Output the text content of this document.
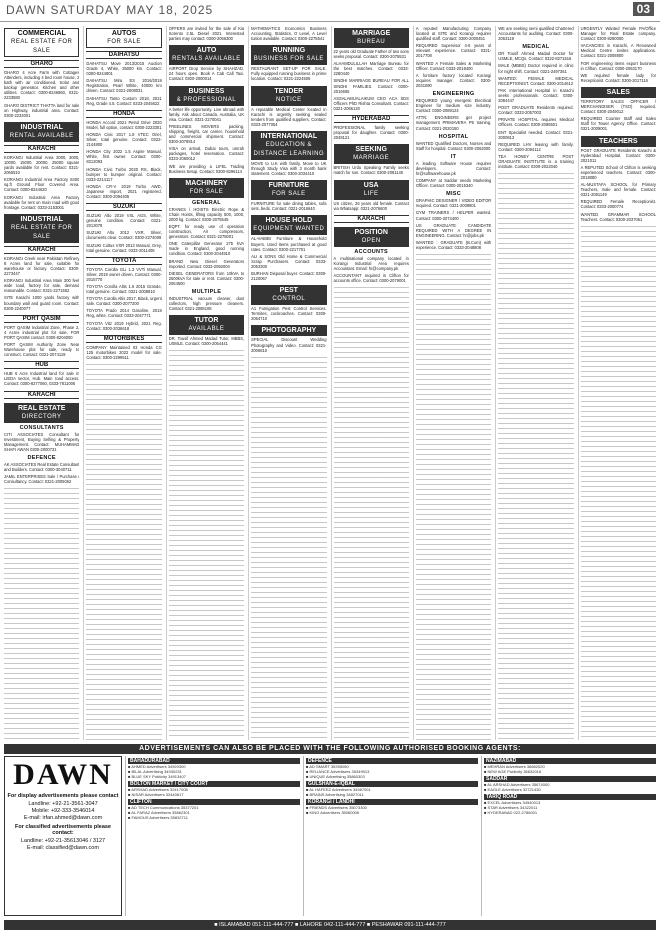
DAWN SATURDAY MAY 18, 2025	03
COMMERCIAL
REAL ESTATE FOR SALE
GHARO
GHARO 4 Acre Farm with Cottages Attenders, including 4 bed room house, 2 bath with air conditioned. Solar and backup generator. Kitchen and other utilities. Contact: 0300-8246860, 0321-2233580
GHARO DISTRICT THATTA land for sale on Highway, industrial area. Contact: 0300-2233001
INDUSTRIAL
RENTAL AVAILABLE
KARACHI
KORANGI Industrial Area 2000, 3000, 10000, 15000, 20000, 25000 square yards available for rent. Contact: 0321-2065510
KORANGI Industrial Area Factory 8400 sq.ft Ground Floor Covered Area. Contact: 0300-8244620
KORANGI Industrial Area Factory available for rent on main road with good frontage. Contact: 0333-2153001
INDUSTRIAL
REAL ESTATE FOR SALE
KARACHI
KORANGI Creek near Pakistan Refinery 8 Acres land for sale, suitable for warehouse or factory. Contact: 0300-2273447
KORANGI Industrial Area Main 300 feet wide road, factory for sale, demand reasonable. Contact: 0321-2271552
SITE Karachi 1000 yards factory with boundary wall and guard room. Contact: 0300-2240077
PORT QASIM
PORT QASIM Industrial Zone, Phase 2, 4 Acres industrial plot for sale. FOR PORT QASIM contact: 0300-8204000
PORT QASIM Authority Zone Near Warehouse plot for sale, ready to construct. Contact: 0321-2074119
HUB
HUB 6 Acre Industrial land for sale in LIEDA sector, Hub. Main road access. Contact: 0300-8277060, 0333-7811006
KARACHI
REAL ESTATE
DIRECTORY
CONSULTANTS
CITI ASSOCIATES Consultant for Investment, Buying Selling & Property Management. Contact: MUHAMMAD SHAFI AWAN 0300-2000731
DEFENCE
AK ASSOCIATES Real Estate Consultant and Builders. Contact: 0300-3040711
JAMIL ENTERPRISES Sale / Purchase / Consultancy. Contact: 0321-2005062
AUTOS
FOR SALE
DAIHATSU
DAIHATSU Move 2013/2015 Auction Grade 4, White, 35000 km. Contact: 0300-8244901
DAIHATSU Mira ES 2016/2019 Registration, Pearl White, 40000 km driven. Contact: 0321-2008031
DAIHATSU Tanto Custom 2018, 2021 Reg, Grade 4.5. Contact: 0333-2045622
HONDA
HONDA Accord 2021 Petrol Drive 2020 Model, full option, contact: 0300-2223301
HONDA Civic 2017 1.8 VTEC Oriel, Silver, total genuine. Contact: 0322-2144800
HONDA City 2022 1.5 Aspire Manual, White, first owner. Contact: 0300-8212093
HONDA Civic Turbo 2020 RS, Black, bumper to bumper original. Contact: 0333-2214117
HONDA CR-V 2019 Turbo AWD, Japanese import, 2021 registered. Contact: 0300-2094405
SUZUKI
SUZUKI Alto 2019 VXL AGS, White, genuine condition. Contact: 0321-2013078
SUZUKI Alto 2012 VXR, Silver, documents clear. Contact: 0300-2274008
SUZUKI Cultus VXR 2013 Manual, Grey, total genuine. Contact: 0333-2011405
TOYOTA
TOYOTA Corolla GLi 1.3 VVTi Manual, Silver, 2019 owner driven. Contact: 0300-2015770
TOYOTA Corolla Altis 1.6 2015 Grande, total genuine. Contact: 0321-2008810
TOYOTA Corolla Altis 2017, Black, urgent sale. Contact: 0300-2077200
TOYOTA Prado 2014 Gasoline, 2018 Reg, white. Contact: 0333-2047771
TOYOTA Vitz 2019 Hybrid, 2021 Reg. Contact: 0300-2036618
MOTORBIKES
COMPANY Maintained 03 Honda CG 125 motorbikes 2022 model for sale. Contact: 0300-2299511
OFFERS are invited for the sale of Kia Sorento 2.5L Diesel 2021. Interested parties may contact: 0300-2066300
AUTO
RENTALS AVAILABLE
AIRPORT Drop Service by SHAHZAD. 24 hours open. Book A Cab Call Taxi. Contact: 0300-2000014
BUSINESS
& PROFESSIONAL
A better life opportunity. Live abroad with family. Ask about Canada, Australia, UK visa. Contact: 0321-2270041
FREELINES MOVERS packing, shipping, freight, car carrier, household and commercial shipment. Contact: 0300-2078814
VISA on arrival, Dubai tours, umrah packages, hotel reservation. Contact: 0333-2060012
WE are providing a LIFEL Trading Business Setup. Contact: 0300-8296114
MACHINERY
FOR SALE
GENERAL
CRANES / HOISTS Electric Rope & Chain Hoists, lifting capacity 500, 1000, 2000 kg. Contact: 0300-2075545
EQPT. for ready use of operation construction, Air compressors, generators. Contact: 0321-2278001
ONE Caterpillar Generator 275 kVA made in England, good running condition. Contact: 0300-2044910
BRAND New Diesel Generators imported. Contact: 0333-2092004
DIESEL GENERATORS from 10kVA to 2500kVA for sale or rent. Contact: 0300-2064500
MULTIPLE
INDUSTRIAL vacuum cleaner, dust collectors, high pressure cleaners. Contact: 0321-2088108
TUTOR
AVAILABLE
DR. Tousif Ahmed Madad Tutor, MBBS, USMLE. Contact: 0300-2054441
MATHEMATICS Economics Business Accounting, Statistics, O Level, A Level tuition available. Contact: 0300-2275541
RUNNING
BUSINESS FOR SALE
RESTAURANT SET-UP FOR SALE. Fully equipped running business in prime location. Contact: 0321-2224506
TENDER
NOTICE
A reputable Medical Center located in Karachi is urgently seeking sealed tenders from qualified suppliers. Contact: 0333-2077054
INTERNATIONAL
EDUCATION & DISTANCE LEARNING
MOVE to U.K with family. Move to UK through Study Visa with 3 month bank statement. Contact: 0300-2034410
FURNITURE
FOR SALE
FURNITURE for sale dining tables, sofa sets, beds. Contact: 0321-2016640
HOUSE HOLD
EQUIPMENT WANTED
AL-HABIBI Furniture & Household Buyers. Used items purchased at good rates. Contact: 0300-2217701
ALI & SONS Old Home & Commercial Scrap Purchasers. Contact: 0333-2053300
BURHAN Disposal buyer. Contact: 0300-2120067
PEST
CONTROL
A1 Fumigation Pest Control Services. Termites, cockroaches. Contact: 0300-2064710
PHOTOGRAPHY
SPECIAL Discount Wedding Photography and Video. Contact: 0321-2006810
MARRIAGE
BUREAU
22 years old Graduate Father of two sons seeks proposal. Contact: 0300-2075531
ALHAMDULILLAH Marriage Bureau for the best matches. Contact: 0333-2280440
SINDHI MARRIAGE BUREAU FOR ALL SINDHI FAMILIES. Contact: 0300-2016605
ASSALAMUALAIKUM CEO ACA SDS Officers PhD Rishta Consultant. Contact: 0321-2066120
HYDERABAD
PROFESSIONAL family seeking proposal for daughter. Contact: 0300-2048121
SEEKING
MARRIAGE
BRITISH Urdu Speaking Family seeks match for son. Contact: 0300-2081140
USA
LIFE
US citizen, 26 years old female. Contact via Whatsapp: 0321-2076600
KARACHI
POSITION
OPEN
ACCOUNTS
A multinational company located in Korangi Industrial Area requires Accountant. Email: hr@company.pk
ACCOUNTANT required in Clifton for accounts office. Contact: 0300-2079001
A reputed Manufacturing Company located at SITE and Korangi requires qualified staff. Contact: 0300-2000451
REQUIRED Supervisor 4-5 years of relevant experience. Contact: 0321-2017708
WANTED A Female Sales & Marketing Officer. Contact: 0333-2018400
A furniture factory located Korangi requires manager. Contact: 0300-2031090
ENGINEERING
REQUIRED young energetic Electrical Engineer for medium size industry. Contact: 0300-2089124
ATTN: ENGINEERS get project management PRIMAVERA P6 training. Contact: 0321-2020150
HOSPITAL
WANTED Qualified Doctors, Nurses and Staff for hospital. Contact: 0300-2062000
IT
A leading Software House requires developers. Contact: hr@softwarehouse.pk
COMPANY at Saddar needs Marketing Officer. Contact: 0300-2015340
MISC
GRAPHIC DESIGNER / VIDEO EDITOR required. Contact: 0321-2009801
GYM TRAINERS / HELPER wanted. Contact: 0300-2074400
US GRADUATE CANDIDATE REQUIRED WITH A DEGREE IN ENGINEERING. Contact: hr@jobs.pk
WANTED : GRADUATE (B.Com) with experience. Contact: 0333-2048808
WE are seeking semi qualified Chartered Accountants for auditing. Contact: 0300-2063119
MEDICAL
DR Tousif Ahmed Madad Doctor for USMLE, MCQs. Contact: 0322-8271516
MALE (MBBS) Doctor required in clinic for night shift. Contact: 0321-2497361
WANTED: FEMALE MEDICAL RECEPTIONIST. Contact: 0300-2014612
PAK International Hospital in Karachi seeks professionals. Contact: 0300-2084447
POST GRADUATE Residents required. Contact: 0333-2057003
PRIVATE HOSPITAL requires Medical Officers. Contact: 0300-2086501
ENT Specialist needed. Contact: 0321-2000813
REQUIRED LHV leaving with family. Contact: 0300-2094112
TEA HONEY CENTRE POST GRADUATE INSTITUTE is a training institute. Contact: 0300-2022040
URGENTLY Wanted Female PA/Office Manager for Real Estate company. Contact: 0300-8290000
VACANCIES in Karachi, A Renowned Medical Centre invites applications. Contact: 0321-2008800
FOR engineering items export business in Clifton. Contact: 0300-2063170
WE required female lady for Receptionist. Contact: 0300-2017116
SALES
TERRITORY SALES OFFICER / MERCHANDISER (TSO) required. Contact: 0300-2049012
REQUIRED Counter Staff and Sales Staff for Tower Agency Office. Contact: 0321-2009001
TEACHERS
POST GRADUATE Residents Karachi & Hyderabad Hospital. Contact: 0300-2021011
A REPUTED School of Clifton is seeking experienced teachers. Contact: 0300-2018080
AL-MUSTAFA SCHOOL for Primary Teachers, male and female. Contact: 0321-2081149
REQUIRED Female Receptionist. Contact: 0333-2000774
WANTED GRAMMAR SCHOOL Teachers. Contact: 0300-2037061
ADVERTISEMENTS CAN ALSO BE PLACED WITH THE FOLLOWING AUTHORISED BOOKING AGENTS:
DAWN
For display advertisements please contact
Landline: +92-21-3561-3047
Mobile: +92-333-3546014
E-mail: irfan.ahmed@dawn.com
For classified advertisements please contact:
Landline: +92-21-35613046 / 3127
E-mail: classified@dawn.com
BAHADURABAD
■ AHMED Advertisers 34920300
■ BILAL Advertising 34930231
■ BLUE SKY Publicity 34913407
BOLTON MARKET / CITY COURT
■ ARSHAD Advertisers 32417008
■ NISAR Advertisers 32440617
CLIFTON
■ AD TECH Communications 35377201
■ AL FARAZ Advertisers 35862301
■ FAMOUS Advertisers 35832711
DEFENCE
■ AD SMART 35395050
■ RELIANCE Advertisers 35349913
■ UNIQUE Advertising 35860303
GULSHAN-E-IQBAL
■ AL HAFEEZ Advertisers 34987001
■ BRAINS Advertising 34827011
KORANGI / LANDHI
■ FRIENDS Advertisers 35073300
■ KING Advertisers 35060006
NAZIMABAD
■ MEHRAN Advertisers 36682020
■ NEW AGE Publicity 36632018
SADDAR
■ AL ARSHAD Advertisers 35674000
■ EAGLE Advertisers 32721430
TARIQ ROAD
■ EXCEL Advertisers 34540013
■ STAR Advertisers 34322011
■ HYDERABAD 022-2786001
■ ISLAMABAD 051-111-444-777 ■ LAHORE 042-111-444-777 ■ PESHAWAR 091-111-444-777
